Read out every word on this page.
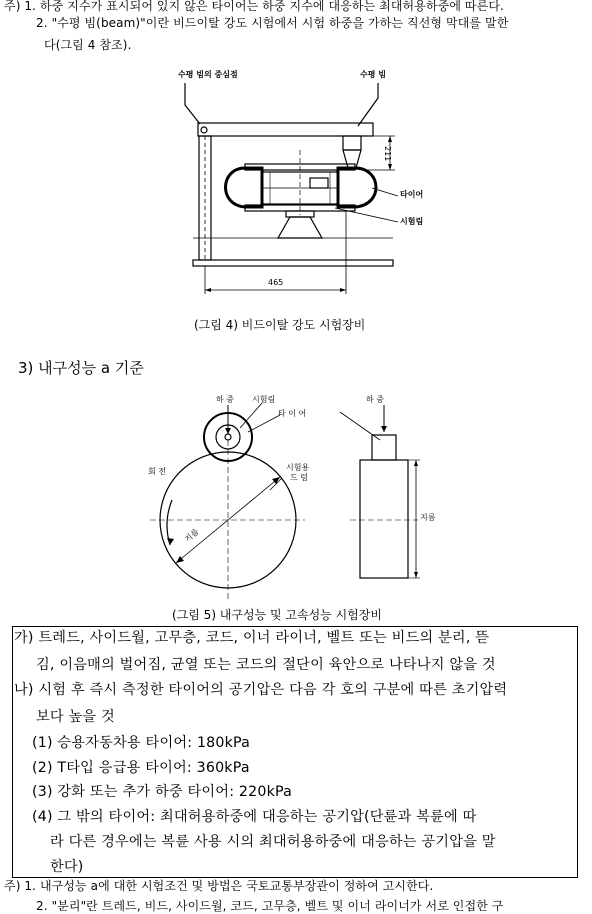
주) 1. 하중 지수가 표시되어 있지 않은 타이어는 하중 지수에 대응하는 최대허용하중에 따른다.
2. "수평 빔(beam)"이란 비드이탈 강도 시험에서 시험 하중을 가하는 직선형 막대를 말한
다(그림 4 참조).
수평 빔의 중심점	수평 빔
타이어
시험림
211
465
(그림 4) 비드이탈 강도 시험장비
3) 내구성능 a 기준
하 중 시험림
타 이 어
하 중
회 전	시험용
드 럼
지름
지름
(그림 5) 내구성능 및 고속성능 시험장비
가) 트레드, 사이드월, 고무층, 코드, 이너 라이너, 벨트 또는 비드의 분리, 뜯
김, 이음매의 벌어짐, 균열 또는 코드의 절단이 육안으로 나타나지 않을 것
나) 시험 후 즉시 측정한 타이어의 공기압은 다음 각 호의 구분에 따른 초기압력
보다 높을 것
(1) 승용자동차용 타이어: 180kPa
(2) T타입 응급용 타이어: 360kPa
(3) 강화 또는 추가 하중 타이어: 220kPa
(4) 그 밖의 타이어: 최대허용하중에 대응하는 공기압(단륜과 복륜에 따
라 다른 경우에는 복륜 사용 시의 최대허용하중에 대응하는 공기압을 말
한다)
주) 1. 내구성능 a에 대한 시험조건 및 방법은 국토교통부장관이 정하여 고시한다.
2. "분리"란 트레드, 비드, 사이드월, 코드, 고무층, 벨트 및 이너 라이너가 서로 인접한 구
